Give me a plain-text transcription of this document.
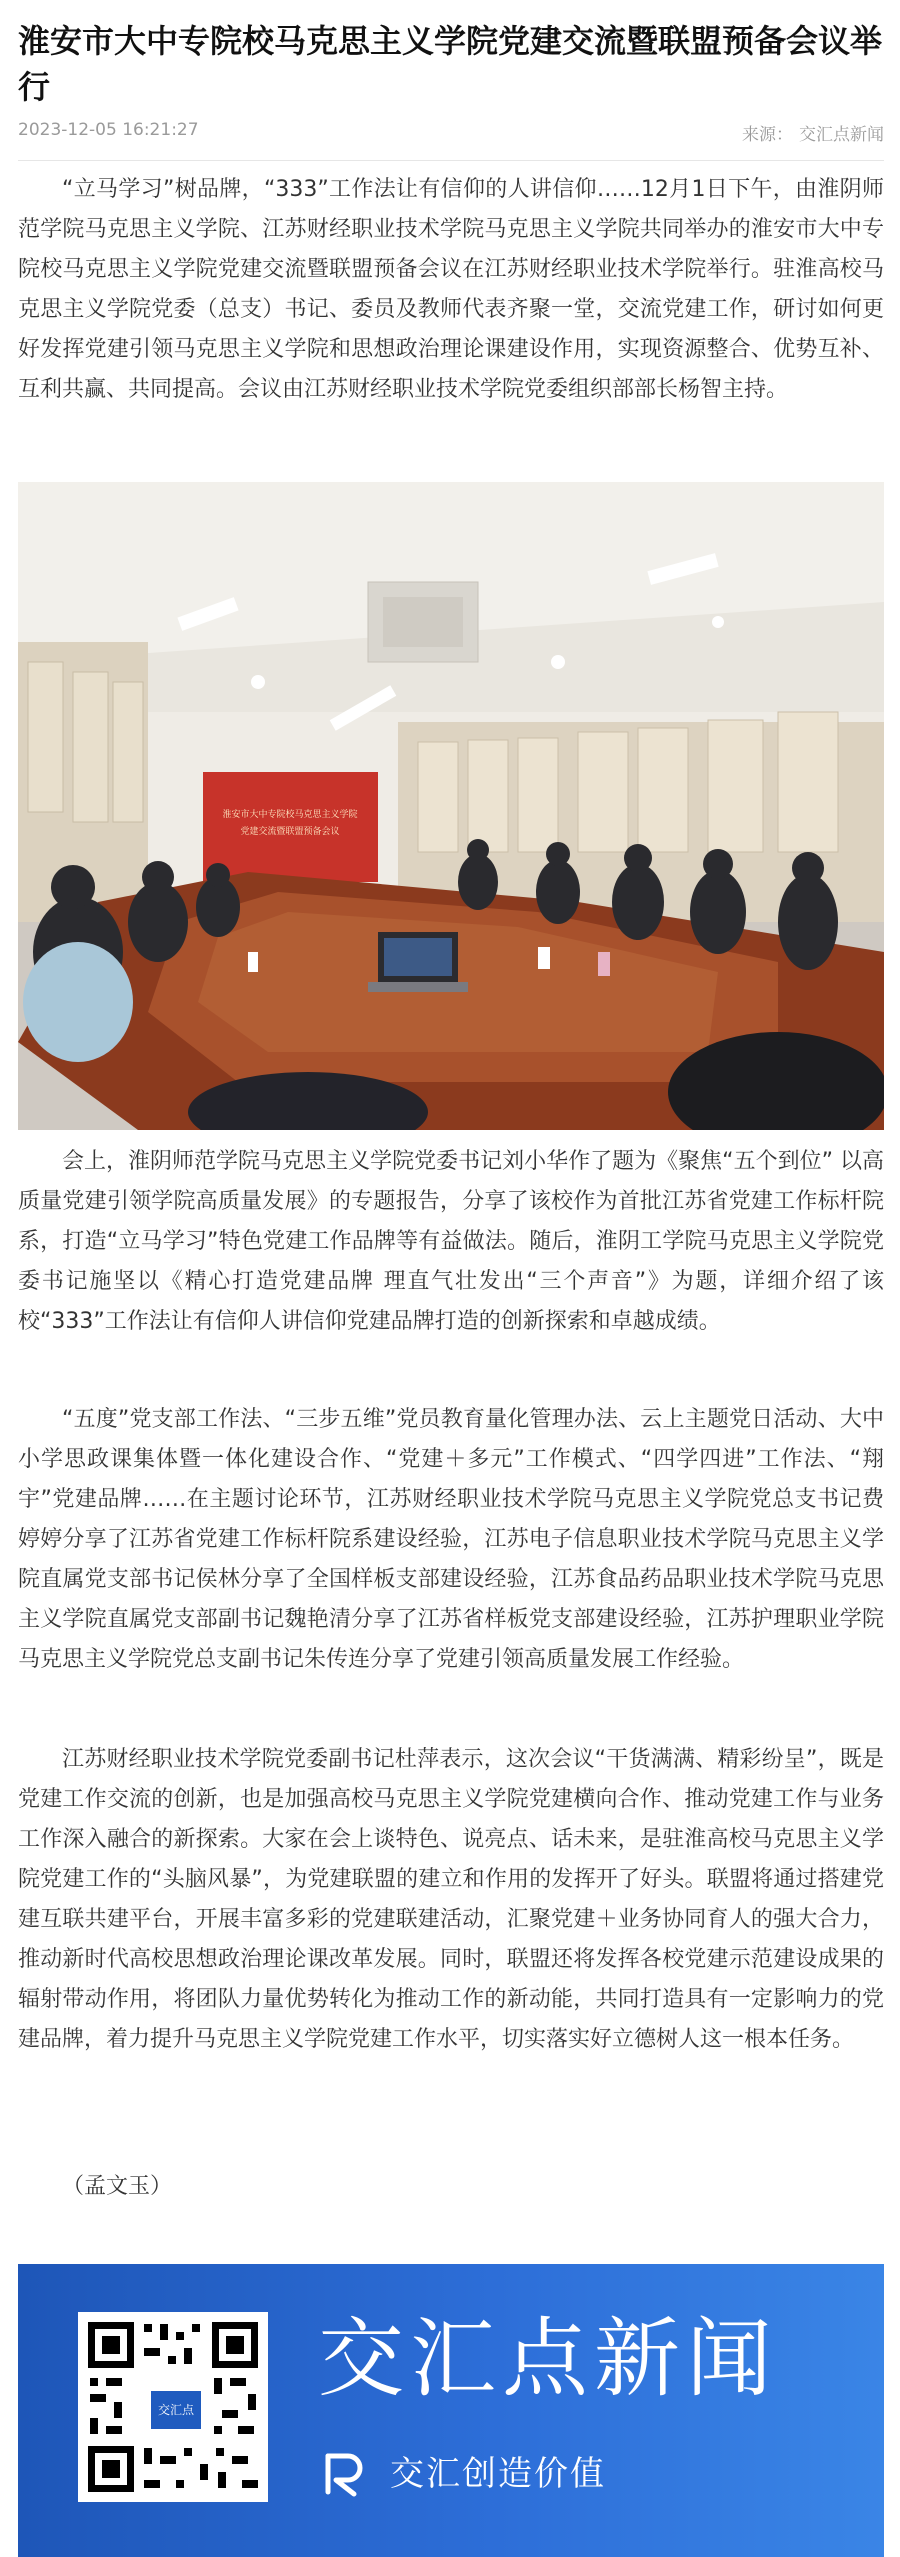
淮安市大中专院校马克思主义学院党建交流暨联盟预备会议举行
2023-12-05 16:21:27	来源： 交汇点新闻

“立马学习”树品牌，“333”工作法让有信仰的人讲信仰……12月1日下午，由淮阴师范学院马克思主义学院、江苏财经职业技术学院马克思主义学院共同举办的淮安市大中专院校马克思主义学院党建交流暨联盟预备会议在江苏财经职业技术学院举行。驻淮高校马克思主义学院党委（总支）书记、委员及教师代表齐聚一堂，交流党建工作，研讨如何更好发挥党建引领马克思主义学院和思想政治理论课建设作用，实现资源整合、优势互补、互利共赢、共同提高。会议由江苏财经职业技术学院党委组织部部长杨智主持。

淮安市大中专院校马克思主义学院
党建交流暨联盟预备会议

会上，淮阴师范学院马克思主义学院党委书记刘小华作了题为《聚焦“五个到位” 以高质量党建引领学院高质量发展》的专题报告，分享了该校作为首批江苏省党建工作标杆院系，打造“立马学习”特色党建工作品牌等有益做法。随后，淮阴工学院马克思主义学院党委书记施坚以《精心打造党建品牌 理直气壮发出“三个声音”》为题，详细介绍了该校“333”工作法让有信仰人讲信仰党建品牌打造的创新探索和卓越成绩。

“五度”党支部工作法、“三步五维”党员教育量化管理办法、云上主题党日活动、大中小学思政课集体暨一体化建设合作、“党建＋多元”工作模式、“四学四进”工作法、“翔宇”党建品牌……在主题讨论环节，江苏财经职业技术学院马克思主义学院党总支书记费婷婷分享了江苏省党建工作标杆院系建设经验，江苏电子信息职业技术学院马克思主义学院直属党支部书记侯林分享了全国样板支部建设经验，江苏食品药品职业技术学院马克思主义学院直属党支部副书记魏艳清分享了江苏省样板党支部建设经验，江苏护理职业学院马克思主义学院党总支副书记朱传连分享了党建引领高质量发展工作经验。

江苏财经职业技术学院党委副书记杜萍表示，这次会议“干货满满、精彩纷呈”，既是党建工作交流的创新，也是加强高校马克思主义学院党建横向合作、推动党建工作与业务工作深入融合的新探索。大家在会上谈特色、说亮点、话未来，是驻淮高校马克思主义学院党建工作的“头脑风暴”，为党建联盟的建立和作用的发挥开了好头。联盟将通过搭建党建互联共建平台，开展丰富多彩的党建联建活动，汇聚党建＋业务协同育人的强大合力，推动新时代高校思想政治理论课改革发展。同时，联盟还将发挥各校党建示范建设成果的辐射带动作用，将团队力量优势转化为推动工作的新动能，共同打造具有一定影响力的党建品牌，着力提升马克思主义学院党建工作水平，切实落实好立德树人这一根本任务。

（孟文玉）
交汇点
交汇点新闻
交汇创造价值
